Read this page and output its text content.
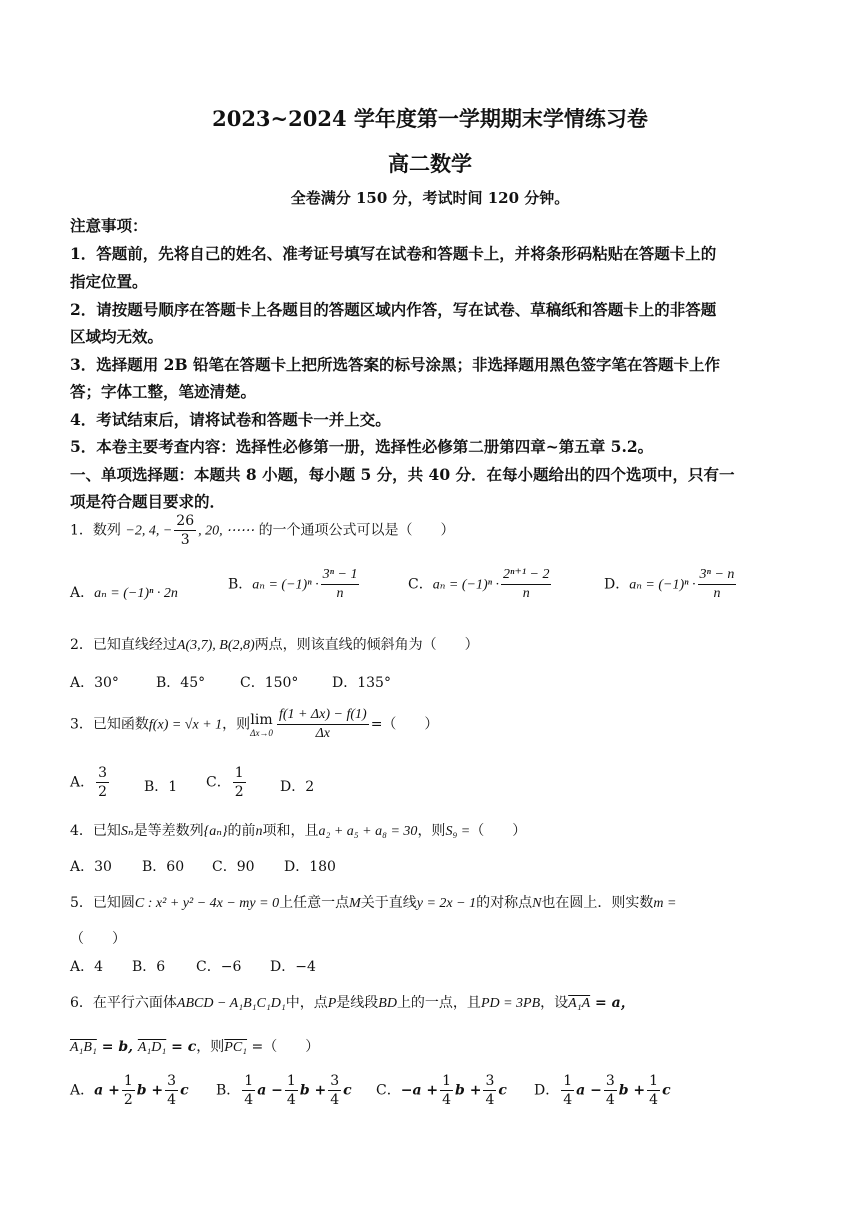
2023~2024 学年度第一学期期末学情练习卷
高二数学
全卷满分 150 分，考试时间 120 分钟。
注意事项：
1．答题前，先将自己的姓名、准考证号填写在试卷和答题卡上，并将条形码粘贴在答题卡上的
指定位置。
2．请按题号顺序在答题卡上各题目的答题区域内作答，写在试卷、草稿纸和答题卡上的非答题
区域均无效。
3．选择题用 2B 铅笔在答题卡上把所选答案的标号涂黑；非选择题用黑色签字笔在答题卡上作
答；字体工整，笔迹清楚。
4．考试结束后，请将试卷和答题卡一并上交。
5．本卷主要考查内容：选择性必修第一册，选择性必修第二册第四章~第五章 5.2。
一、单项选择题：本题共 8 小题，每小题 5 分，共 40 分．在每小题给出的四个选项中，只有一
项是符合题目要求的．
1．数列 −2, 4, − $\frac{26}{3}$ , 20, ⋯⋯ 的一个通项公式可以是（　　）
A．aₙ = (−1)ⁿ · 2n
B．$a_n = (-1)^n \cdot \frac{\text{3ⁿ − 1}}{n}$	C．$a_n = (-1)^n \cdot \frac{\text{2ⁿ⁺¹ − 2}}{n}$	D．$a_n = (-1)^n \cdot \frac{\text{3ⁿ − n}}{n}$
2．已知直线经过A(3,7), B(2,8)两点，则该直线的倾斜角为（　　）
A．30°	B．45° C．150° D．135°
3．已知函数f(x) = √x + 1，则 lim
$\Delta x\to 0 \frac{f(1 + \Delta x) - f(1)}{\Delta x}$ =（　　）
A． $\frac{3}{2}$ B．1 C． $\frac{1}{2}$ D．2
4．已知Sₙ是等差数列{aₙ}的前n项和，且a₂ + a₅ + a₈ = 30，则S₉ =（　　）
A．30 B．60 C．90 D．180
5．已知圆C : x² + y² − 4x − my = 0上任意一点M关于直线y = 2x − 1的对称点N也在圆上．则实数m =
（　　）
A．4 B．6 C．−6 D．−4
6．在平行六面体ABCD − A₁B₁C₁D₁中，点P是线段BD上的一点，且PD = 3PB，设A₁A = a，
A₁B₁ = b, A₁D₁ = c，则PC₁ =（　　）
A．$a + \frac{1}{2}$ $b + \frac{3}{4}$ c B． $\frac{1}{4}$ $a - \frac{1}{4}$ $b + \frac{3}{4}$ c C．$-a + \frac{1}{4}$ $b + \frac{3}{4}$ c D． $\frac{1}{4}$ $a - \frac{3}{4}$ $b + \frac{1}{4}$ c
